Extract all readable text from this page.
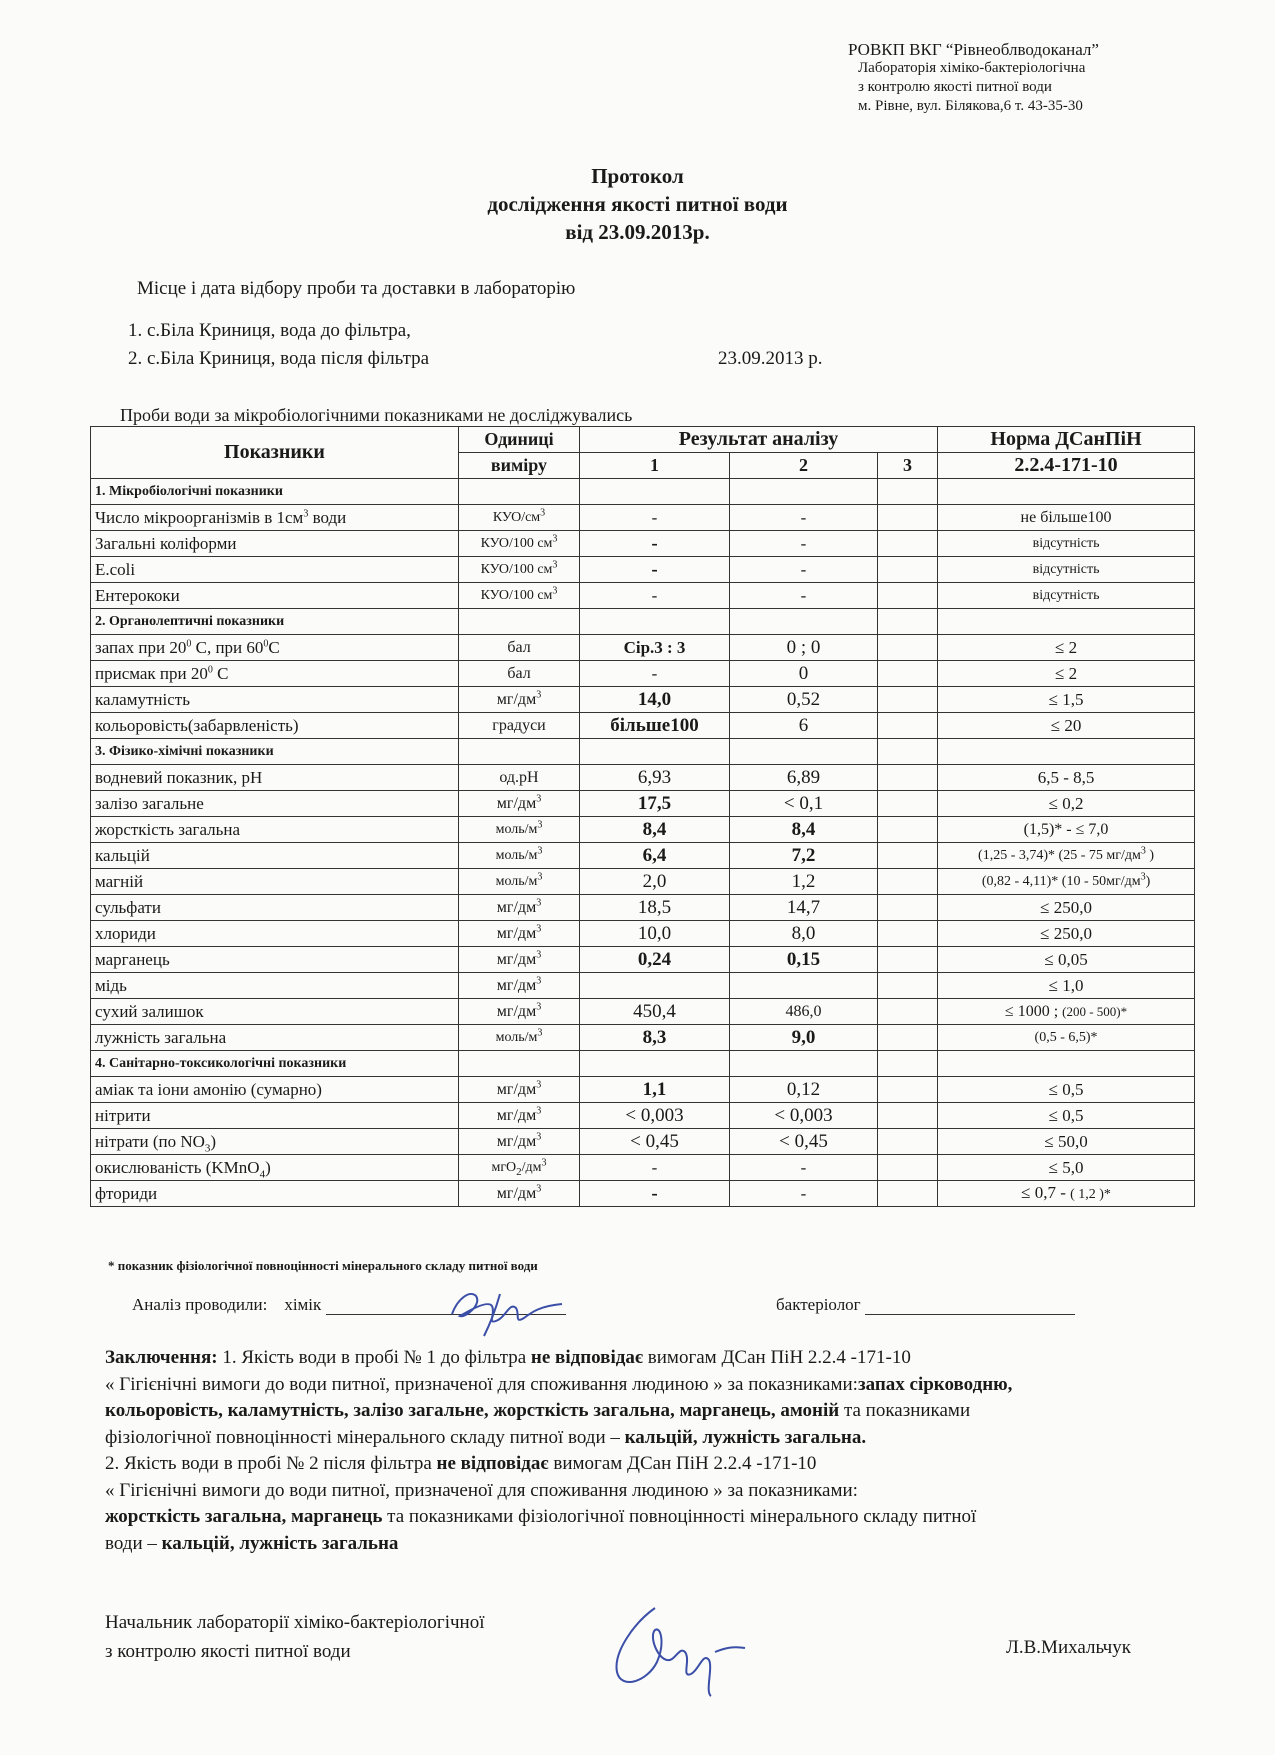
РОВКП ВКГ “Рівнеоблводоканал”
Лабораторія хіміко-бактеріологічна
з контролю якості питної води
м. Рівне, вул. Білякова,6 т. 43-35-30
Протокол
дослідження якості питної води
від 23.09.2013р.
Місце і дата відбору проби та доставки в лабораторію
1. с.Біла Криниця, вода до фільтра,
2. с.Біла Криниця, вода після фільтра	23.09.2013 р.
Проби води за мікробіологічними показниками не досліджувались
Показники	Одиниці	Результат аналізу			Норма ДСанПіН
	виміру	1	2	3	2.2.4-171-10
1. Мікробіологічні показники					
Число мікроорганізмів в $1см^3$ води	КУО/$см^3$	-	-		не більше100
Загальні коліформи	КУО/100 $см^3$	-	-		відсутність
E.coli	КУО/100 $см^3$	-	-		відсутність
Ентерококи	КУО/100 $см^3$	-	-		відсутність
2. Органолептичні показники					
запах при $20^0$ С, при $60^0С$	бал	Сір.3 : 3	0 ; 0		≤ 2
присмак при $20^0$ С	бал	-	0		≤ 2
каламутність	$мг/дм^3$	14,0	0,52		≤ 1,5
кольоровість(забарвленість)	градуси	більше100	6		≤ 20
3. Фізико-хімічні показники					
водневий показник, pH	од.pH	6,93	6,89		6,5 - 8,5
залізо загальне	$мг/дм^3$	17,5	< 0,1		≤ 0,2
жорсткість загальна	моль/$м^3$	8,4	8,4		(1,5)* - ≤ 7,0
кальцій	моль/$м^3$	6,4	7,2		(1,25 - 3,74)* (25 - 75 $мг/дм^3$ )
магній	моль/$м^3$	2,0	1,2		(0,82 - 4,11)* $(10 - 50мг/дм^3)$
сульфати	$мг/дм^3$	18,5	14,7		≤ 250,0
хлориди	$мг/дм^3$	10,0	8,0		≤ 250,0
марганець	$мг/дм^3$	0,24	0,15		≤ 0,05
мідь	$мг/дм^3$				≤ 1,0
сухий залишок	$мг/дм^3$	450,4	486,0		≤ 1000 ; (200 - 500)*
лужність загальна	моль/$м^3$	8,3	9,0		(0,5 - 6,5)*
4. Санітарно-токсикологічні показники					
аміак та іони амонію (сумарно)	$мг/дм^3$	1,1	0,12		≤ 0,5
нітрити	$мг/дм^3$	< 0,003	< 0,003		≤ 0,5
нітрати (по $NO_3$)	$мг/дм^3$	< 0,45	< 0,45		≤ 50,0
окислюваність (KMnO$_4$)	$мгО_2/дм^3$	-	-		≤ 5,0
фториди	$мг/дм^3$	-	-		≤ 0,7 - ( 1,2 )*
* показник фізіологічної повноцінності мінерального складу питної води
Аналіз проводили: хімік	бактеріолог
Заключення: 1. Якість води в пробі № 1 до фільтра не відповідає вимогам ДСан ПіН 2.2.4 -171-10
« Гігієнічні вимоги до води питної, призначеної для споживання людиною » за показниками:запах сірководню,
кольоровість, каламутність, залізо загальне, жорсткість загальна, марганець, амоній та показниками
фізіологічної повноцінності мінерального складу питної води – кальцій, лужність загальна.
2. Якість води в пробі № 2 після фільтра не відповідає вимогам ДСан ПіН 2.2.4 -171-10
« Гігієнічні вимоги до води питної, призначеної для споживання людиною » за показниками:
жорсткість загальна, марганець та показниками фізіологічної повноцінності мінерального складу питної
води – кальцій, лужність загальна
Начальник лабораторії хіміко-бактеріологічної
з контролю якості питної води	Л.В.Михальчук
